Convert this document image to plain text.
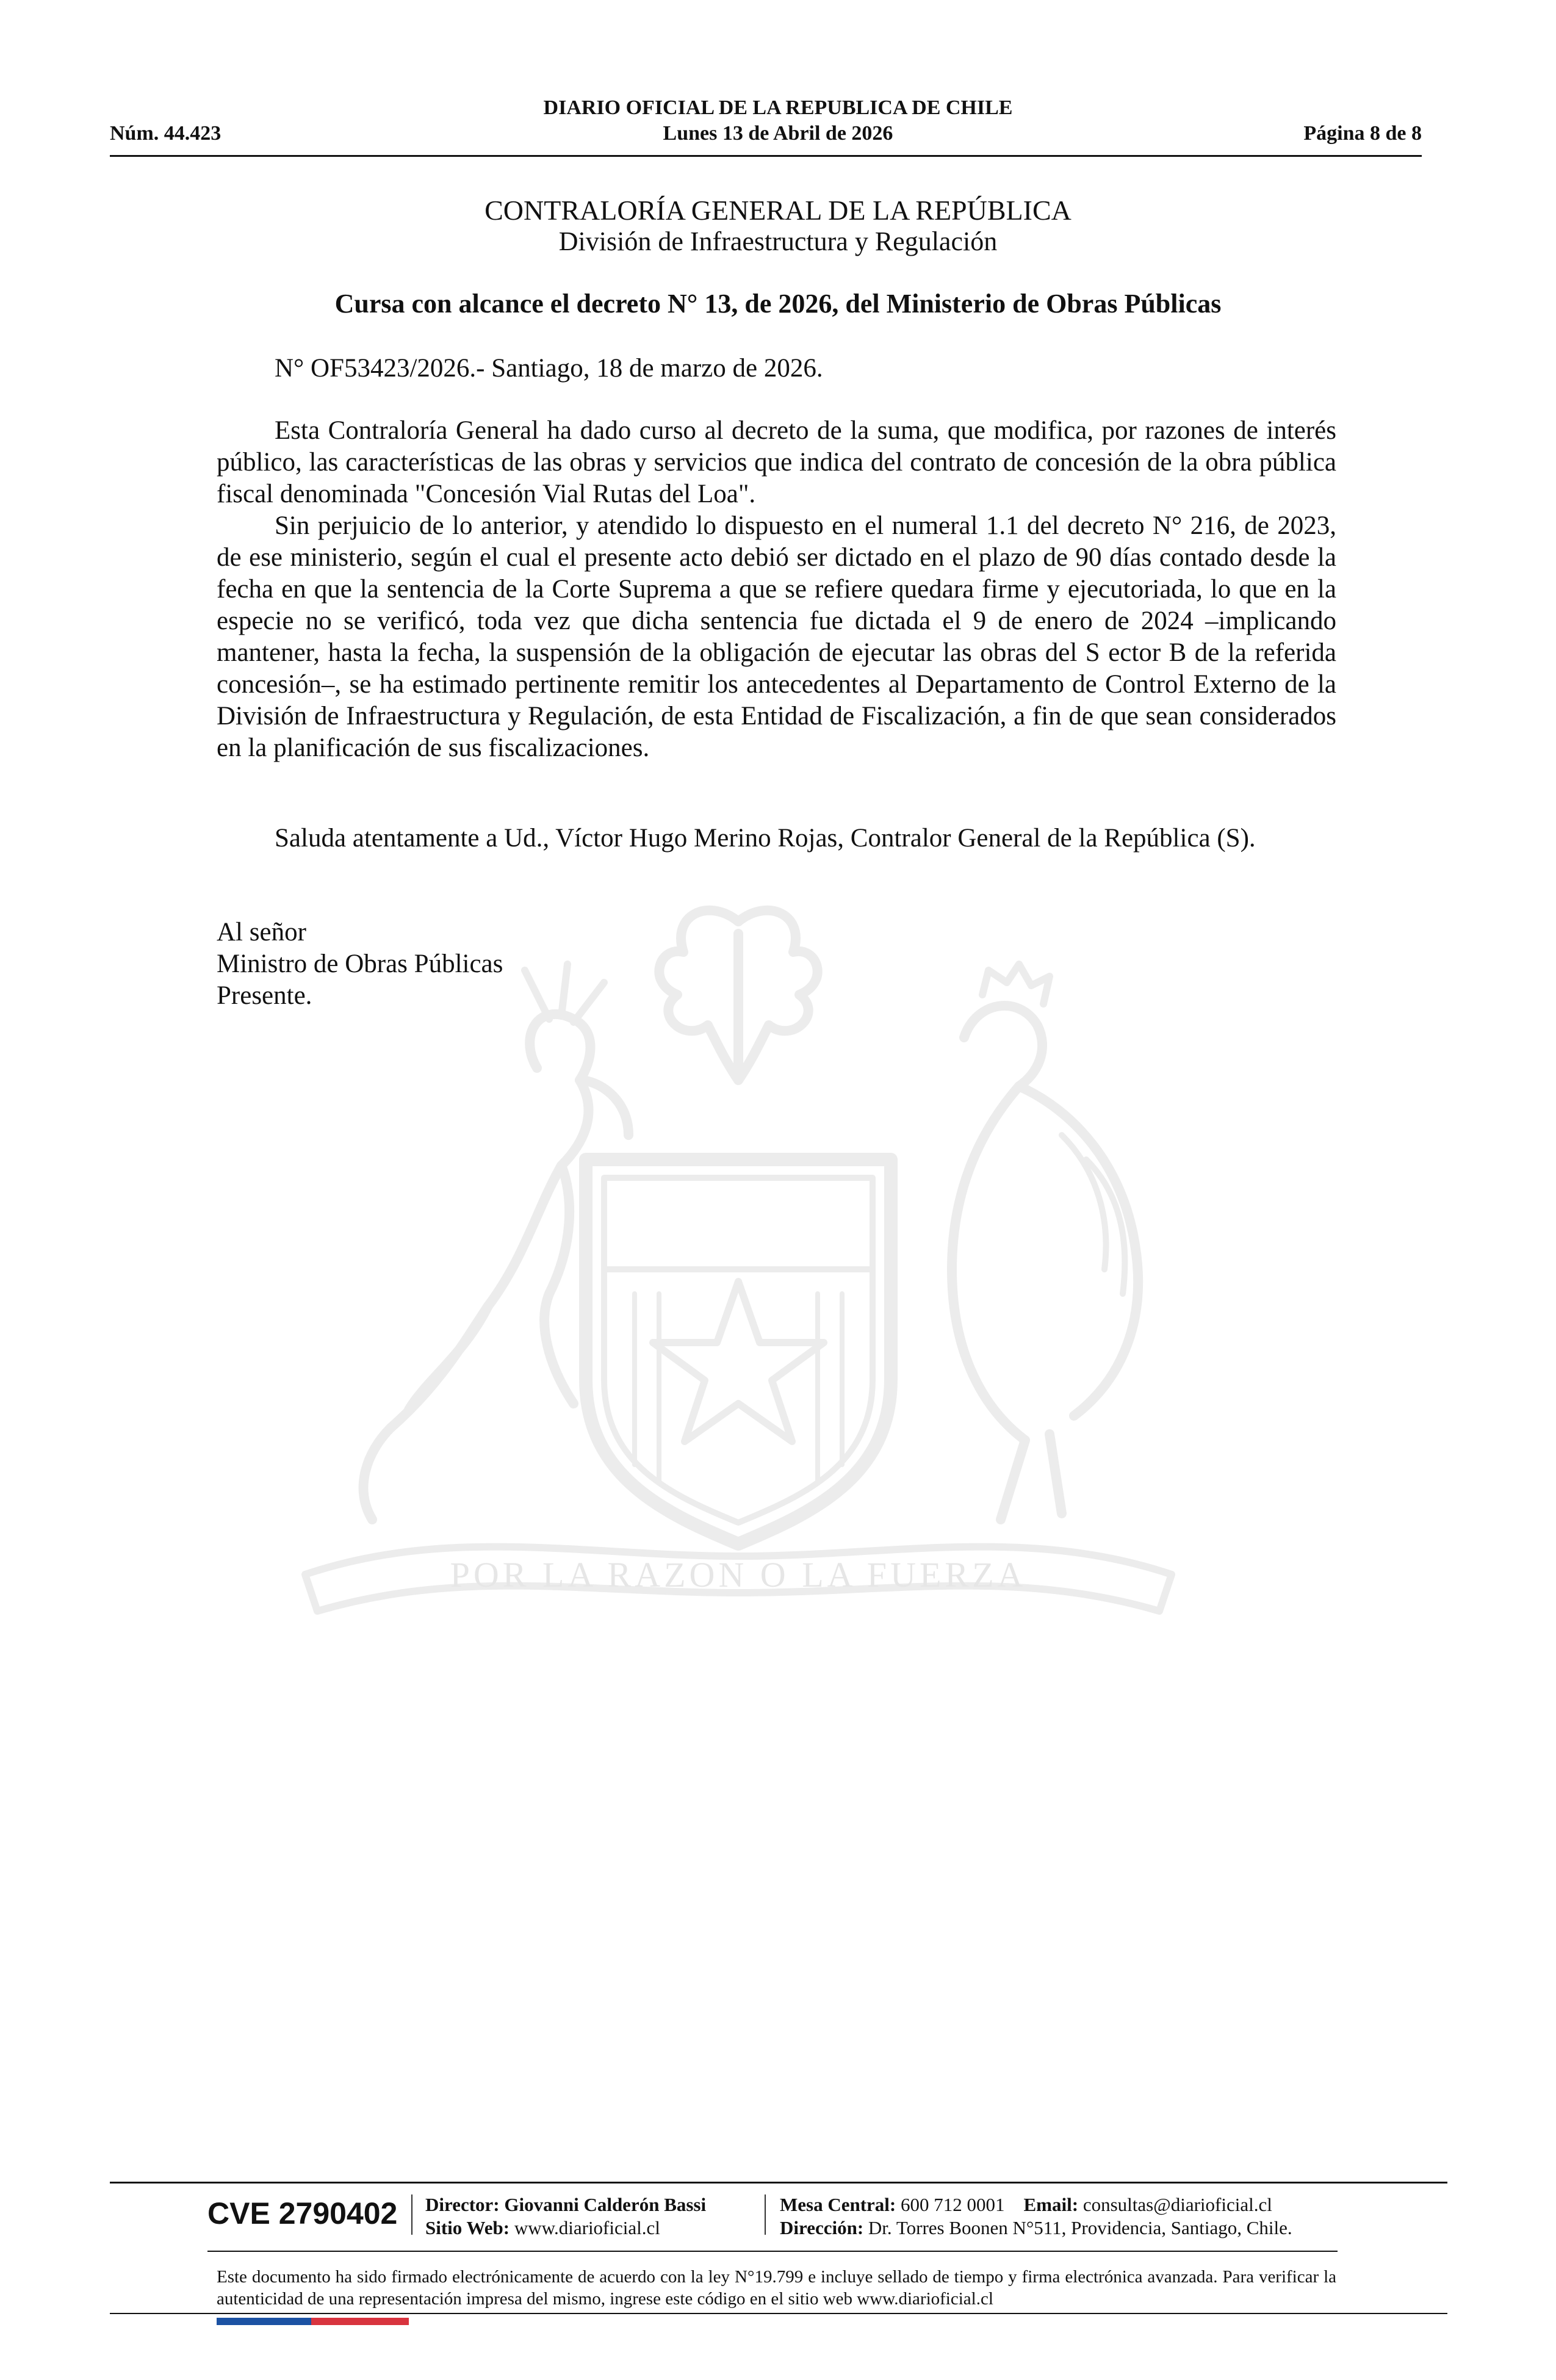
DIARIO OFICIAL DE LA REPUBLICA DE CHILE
Núm. 44.423	Lunes 13 de Abril de 2026	Página 8 de 8
POR LA RAZON O LA FUERZA
CONTRALORÍA GENERAL DE LA REPÚBLICA
División de Infraestructura y Regulación
Cursa con alcance el decreto N° 13, de 2026, del Ministerio de Obras Públicas

N° OF53423/2026.- Santiago, 18 de marzo de 2026.

Esta Contraloría General ha dado curso al decreto de la suma, que modifica, por razones de interés público, las características de las obras y servicios que indica del contrato de concesión de la obra pública fiscal denominada "Concesión Vial Rutas del Loa".

Sin perjuicio de lo anterior, y atendido lo dispuesto en el numeral 1.1 del decreto N° 216, de 2023, de ese ministerio, según el cual el presente acto debió ser dictado en el plazo de 90 días contado desde la fecha en que la sentencia de la Corte Suprema a que se refiere quedara firme y ejecutoriada, lo que en la especie no se verificó, toda vez que dicha sentencia fue dictada el 9 de enero de 2024 –implicando mantener, hasta la fecha, la suspensión de la obligación de ejecutar las obras del S ector B de la referida concesión–, se ha estimado pertinente remitir los antecedentes al Departamento de Control Externo de la División de Infraestructura y Regulación, de esta Entidad de Fiscalización, a fin de que sean considerados en la planificación de sus fiscalizaciones.

Saluda atentamente a Ud., Víctor Hugo Merino Rojas, Contralor General de la República (S).

Al señor
Ministro de Obras Públicas
Presente.
CVE 2790402 Director: Giovanni Calderón Bassi
Sitio Web: www.diarioficial.cl
Mesa Central: 600 712 0001 Email: consultas@diarioficial.cl
Dirección: Dr. Torres Boonen N°511, Providencia, Santiago, Chile.
Este documento ha sido firmado electrónicamente de acuerdo con la ley N°19.799 e incluye sellado de tiempo y firma electrónica avanzada. Para verificar la autenticidad de una representación impresa del mismo, ingrese este código en el sitio web www.diarioficial.cl
